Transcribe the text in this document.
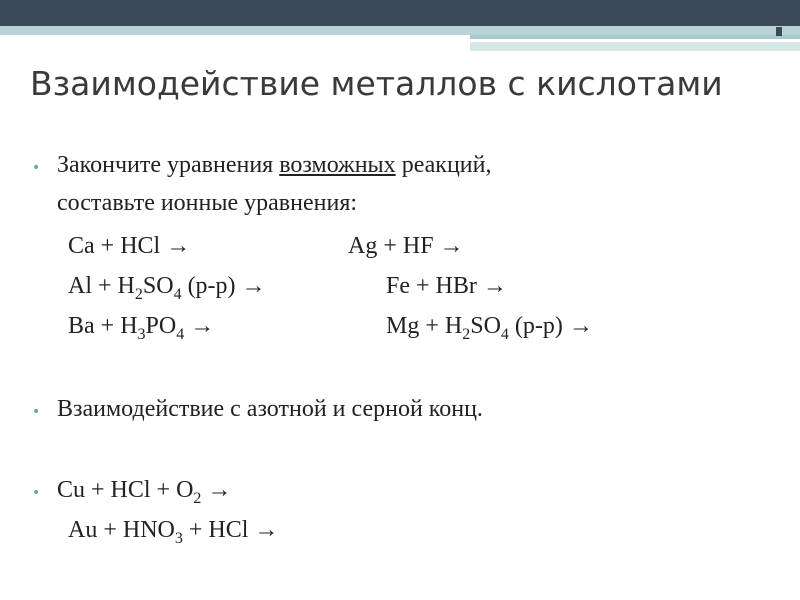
Взаимодействие металлов с кислотами
• Закончите уравнения возможных реакций,
составьте ионные уравнения:
Ca + HCl →	Ag + HF →
$Al + H_2SO_4$ (р-р) →	Fe + HBr →
$Ba + H_3PO_4$ →	$Mg + H_2SO_4$ (р-р) →
• Взаимодействие с азотной и серной конц.
• Cu + HCl + $O_2$ →
$Au + HNO_3$ + HCl →
